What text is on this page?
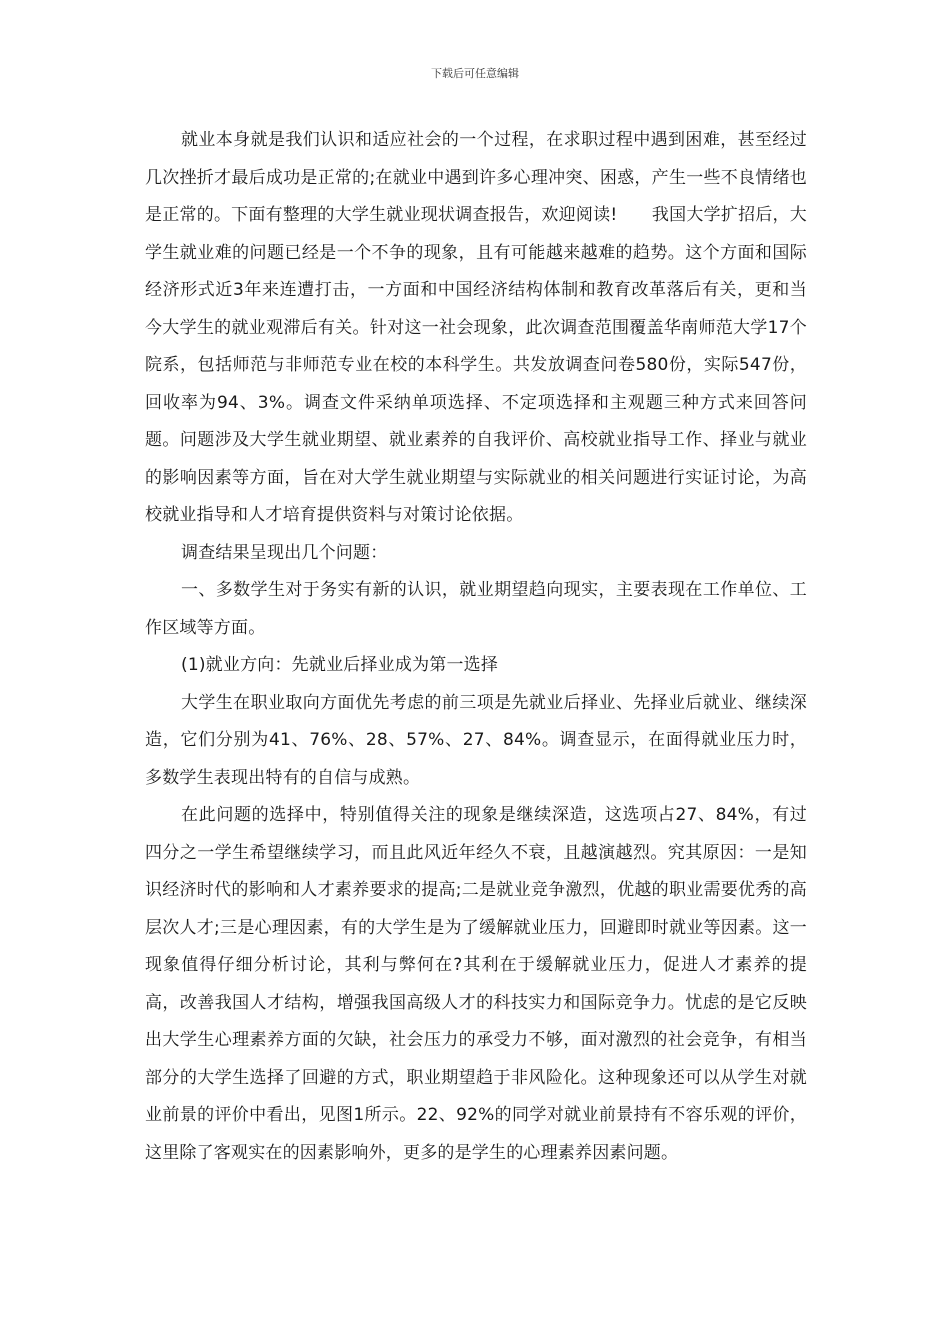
下载后可任意编辑

就业本身就是我们认识和适应社会的一个过程，在求职过程中遇到困难，甚至经过几次挫折才最后成功是正常的;在就业中遇到许多心理冲突、困惑，产生一些不良情绪也是正常的。下面有整理的大学生就业现状调查报告，欢迎阅读!　　我国大学扩招后，大学生就业难的问题已经是一个不争的现象，且有可能越来越难的趋势。这个方面和国际经济形式近3年来连遭打击，一方面和中国经济结构体制和教育改革落后有关，更和当今大学生的就业观滞后有关。针对这一社会现象，此次调查范围覆盖华南师范大学17个院系，包括师范与非师范专业在校的本科学生。共发放调查问卷580份，实际547份，回收率为94、3%。调查文件采纳单项选择、不定项选择和主观题三种方式来回答问题。问题涉及大学生就业期望、就业素养的自我评价、高校就业指导工作、择业与就业的影响因素等方面，旨在对大学生就业期望与实际就业的相关问题进行实证讨论，为高校就业指导和人才培育提供资料与对策讨论依据。

调查结果呈现出几个问题：

一、多数学生对于务实有新的认识，就业期望趋向现实，主要表现在工作单位、工作区域等方面。

(1)就业方向：先就业后择业成为第一选择

大学生在职业取向方面优先考虑的前三项是先就业后择业、先择业后就业、继续深造，它们分别为41、76%、28、57%、27、84%。调查显示，在面得就业压力时，多数学生表现出特有的自信与成熟。

在此问题的选择中，特别值得关注的现象是继续深造，这选项占27、84%，有过四分之一学生希望继续学习，而且此风近年经久不衰，且越演越烈。究其原因：一是知识经济时代的影响和人才素养要求的提高;二是就业竞争激烈，优越的职业需要优秀的高层次人才;三是心理因素，有的大学生是为了缓解就业压力，回避即时就业等因素。这一现象值得仔细分析讨论，其利与弊何在?其利在于缓解就业压力，促进人才素养的提高，改善我国人才结构，增强我国高级人才的科技实力和国际竞争力。忧虑的是它反映出大学生心理素养方面的欠缺，社会压力的承受力不够，面对激烈的社会竞争，有相当部分的大学生选择了回避的方式，职业期望趋于非风险化。这种现象还可以从学生对就业前景的评价中看出，见图1所示。22、92%的同学对就业前景持有不容乐观的评价，这里除了客观实在的因素影响外，更多的是学生的心理素养因素问题。
